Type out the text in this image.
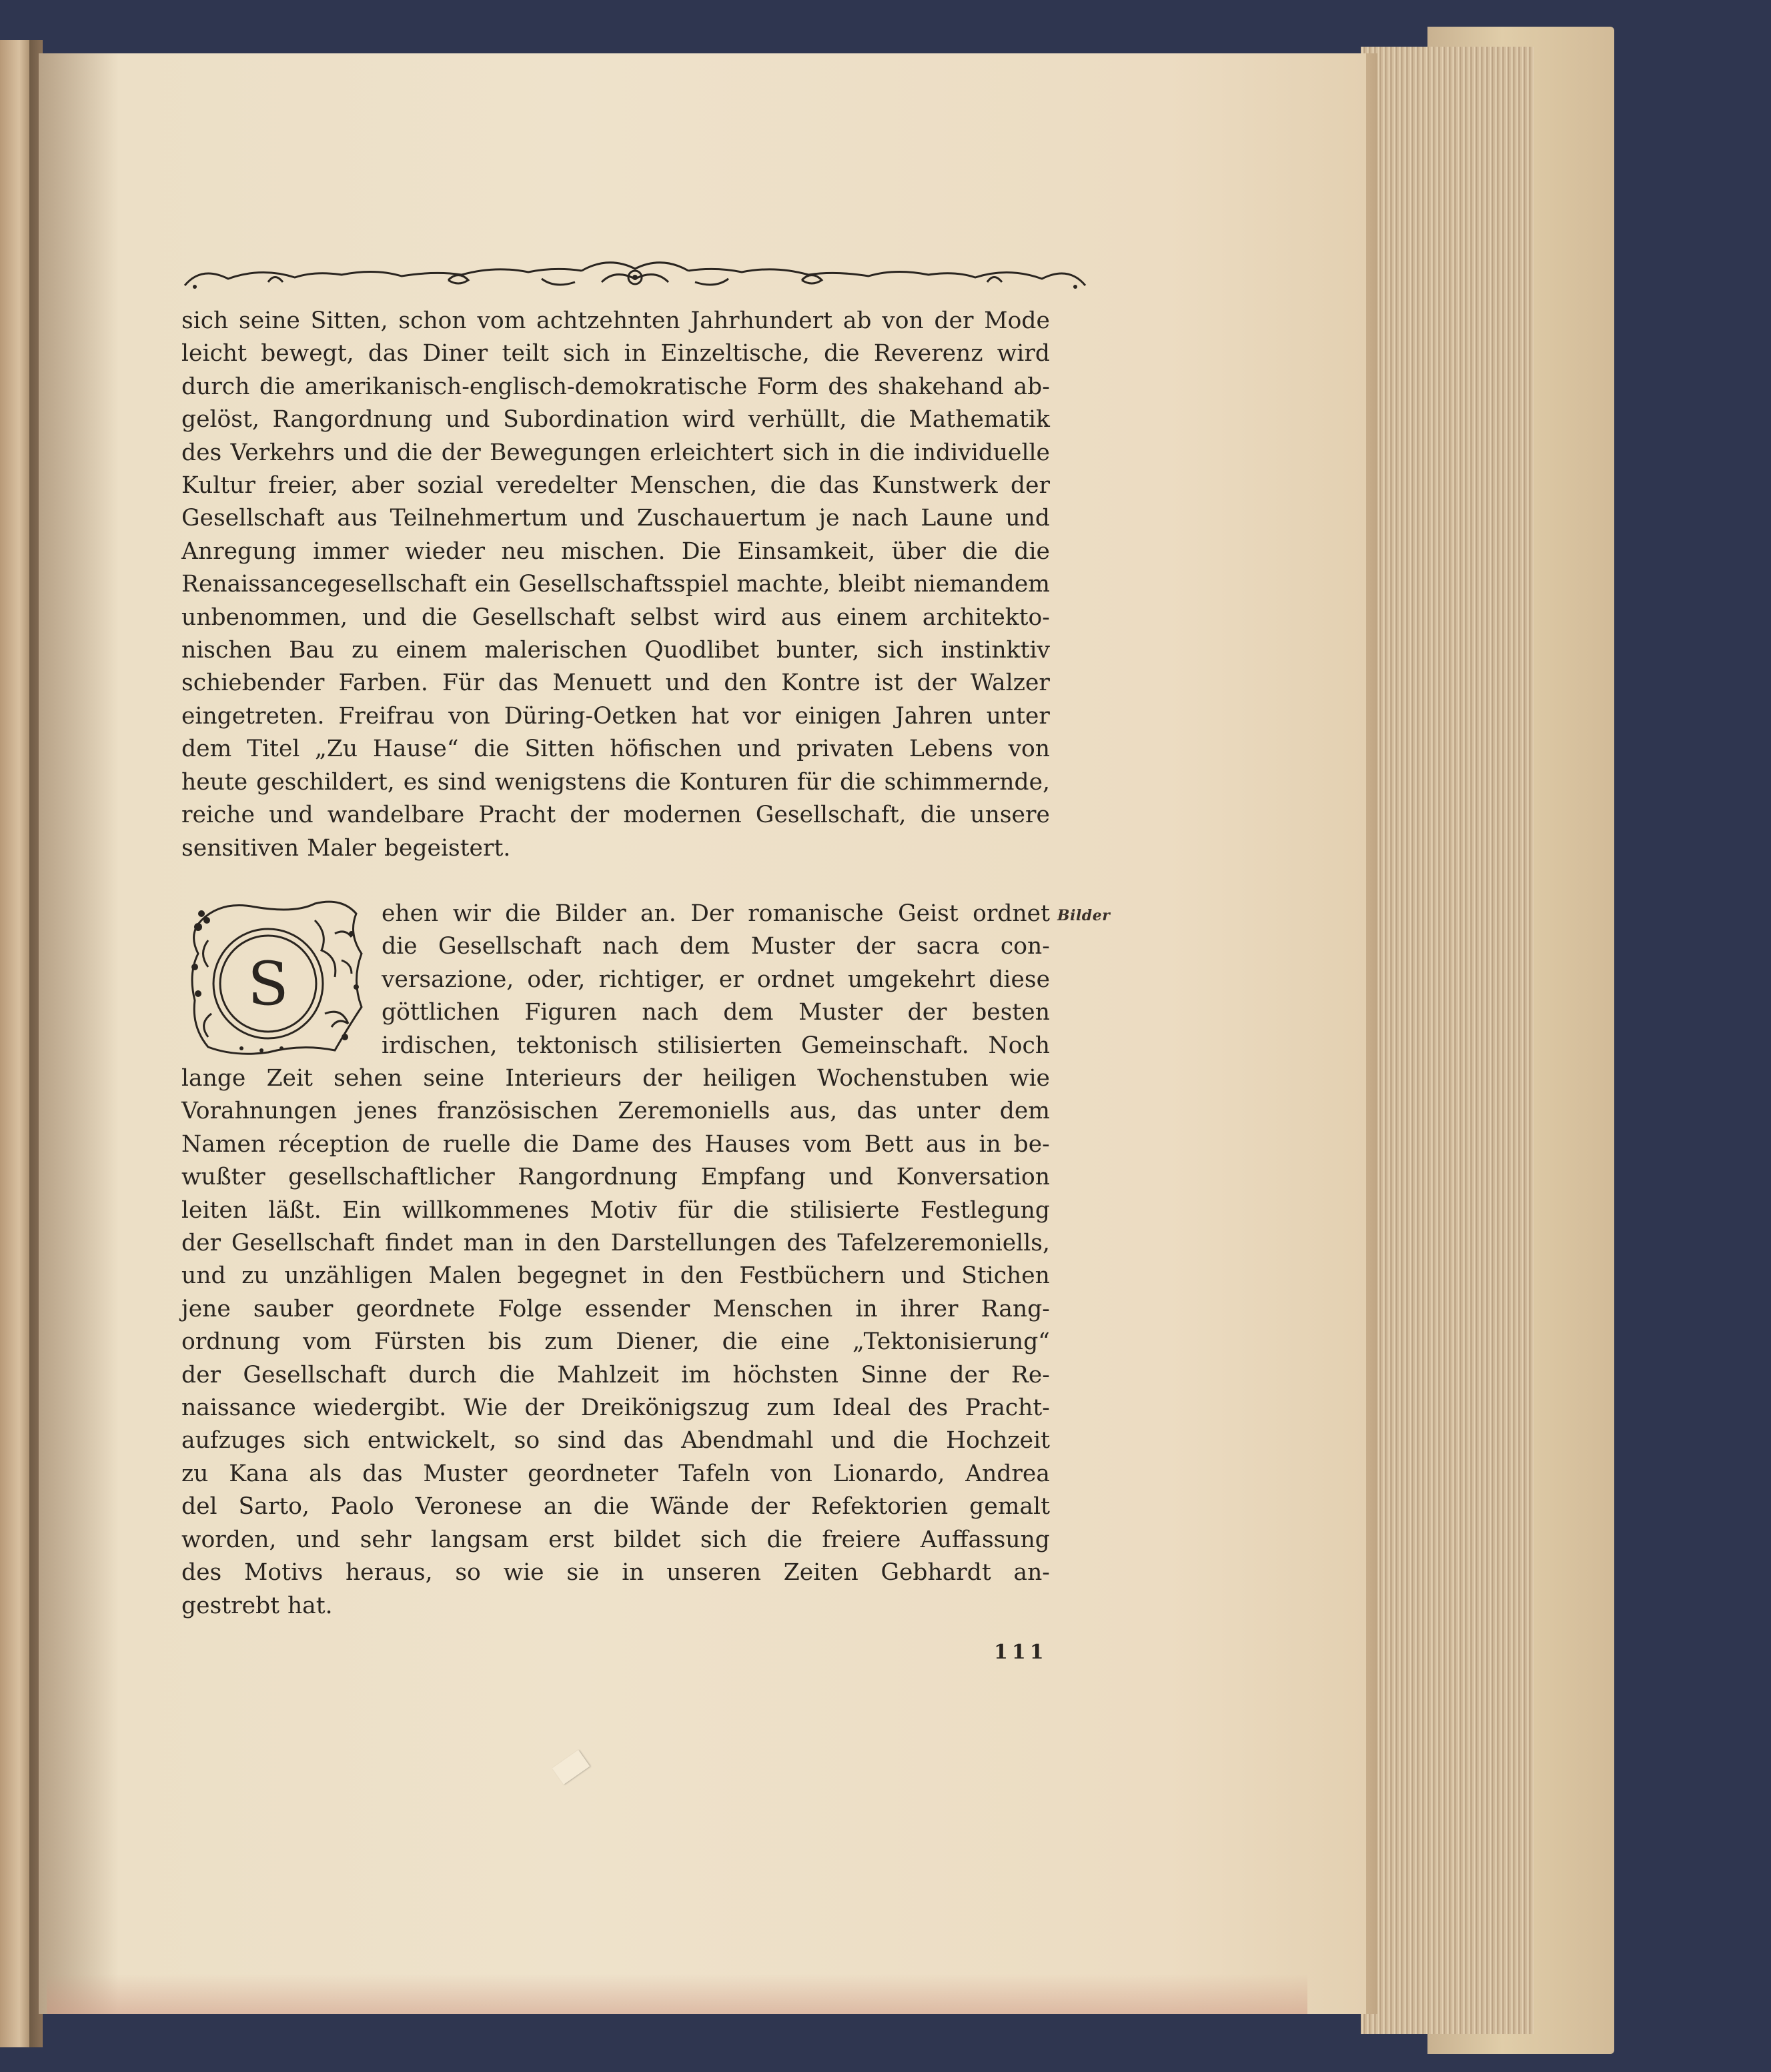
sich seine Sitten, schon vom achtzehnten Jahrhundert ab von der Mode
leicht bewegt, das Diner teilt sich in Einzeltische, die Reverenz wird
durch die amerikanisch-englisch-demokratische Form des shakehand ab-
gelöst, Rangordnung und Subordination wird verhüllt, die Mathematik
des Verkehrs und die der Bewegungen erleichtert sich in die individuelle
Kultur freier, aber sozial veredelter Menschen, die das Kunstwerk der
Gesellschaft aus Teilnehmertum und Zuschauertum je nach Laune und
Anregung immer wieder neu mischen. Die Einsamkeit, über die die
Renaissancegesellschaft ein Gesellschaftsspiel machte, bleibt niemandem
unbenommen, und die Gesellschaft selbst wird aus einem architekto-
nischen Bau zu einem malerischen Quodlibet bunter, sich instinktiv
schiebender Farben. Für das Menuett und den Kontre ist der Walzer
eingetreten. Freifrau von Düring-Oetken hat vor einigen Jahren unter
dem Titel „Zu Hause“ die Sitten höfischen und privaten Lebens von
heute geschildert, es sind wenigstens die Konturen für die schimmernde,
reiche und wandelbare Pracht der modernen Gesellschaft, die unsere
sensitiven Maler begeistert.
S
ehen wir die Bilder an. Der romanische Geist ordnet
die Gesellschaft nach dem Muster der sacra con-
versazione, oder, richtiger, er ordnet umgekehrt diese
göttlichen Figuren nach dem Muster der besten
irdischen, tektonisch stilisierten Gemeinschaft. Noch
lange Zeit sehen seine Interieurs der heiligen Wochenstuben wie
Vorahnungen jenes französischen Zeremoniells aus, das unter dem
Namen réception de ruelle die Dame des Hauses vom Bett aus in be-
wußter gesellschaftlicher Rangordnung Empfang und Konversation
leiten läßt. Ein willkommenes Motiv für die stilisierte Festlegung
der Gesellschaft findet man in den Darstellungen des Tafelzeremoniells,
und zu unzähligen Malen begegnet in den Festbüchern und Stichen
jene sauber geordnete Folge essender Menschen in ihrer Rang-
ordnung vom Fürsten bis zum Diener, die eine „Tektonisierung“
der Gesellschaft durch die Mahlzeit im höchsten Sinne der Re-
naissance wiedergibt. Wie der Dreikönigszug zum Ideal des Pracht-
aufzuges sich entwickelt, so sind das Abendmahl und die Hochzeit
zu Kana als das Muster geordneter Tafeln von Lionardo, Andrea
del Sarto, Paolo Veronese an die Wände der Refektorien gemalt
worden, und sehr langsam erst bildet sich die freiere Auffassung
des Motivs heraus, so wie sie in unseren Zeiten Gebhardt an-
gestrebt hat.
Bilder
111
